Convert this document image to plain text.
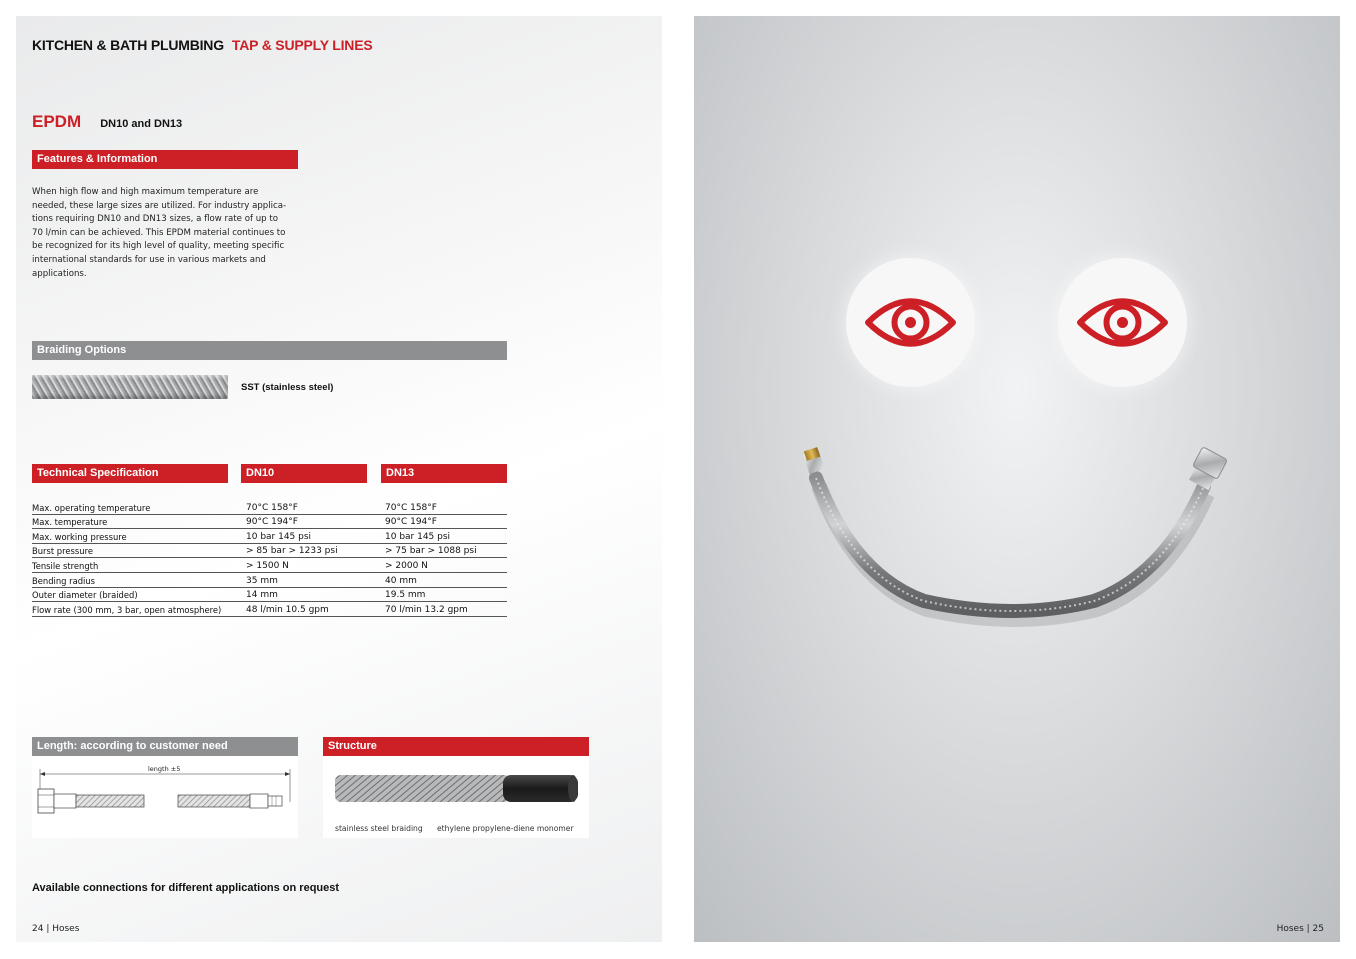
KITCHEN & BATH PLUMBING TAP & SUPPLY LINES
EPDM DN10 and DN13
Features & Information
When high flow and high maximum temperature are
needed, these large sizes are utilized. For industry applica-
tions requiring DN10 and DN13 sizes, a flow rate of up to
70 l/min can be achieved. This EPDM material continues to
be recognized for its high level of quality, meeting specific
international standards for use in various markets and
applications.
Braiding Options
SST (stainless steel)
Technical Specification	DN10	DN13
Max. operating temperature	70°C 158°F	70°C 158°F
Max. temperature	90°C 194°F	90°C 194°F
Max. working pressure	10 bar 145 psi	10 bar 145 psi
Burst pressure	> 85 bar > 1233 psi	> 75 bar > 1088 psi
Tensile strength	> 1500 N	> 2000 N
Bending radius	35 mm	40 mm
Outer diameter (braided)	14 mm	19.5 mm
Flow rate (300 mm, 3 bar, open atmosphere)	48 l/min 10.5 gpm	70 l/min 13.2 gpm
Length: according to customer need
length ±5
Structure
stainless steel braiding ethylene propylene-diene monomer
Available connections for different applications on request
24 | Hoses	Hoses | 25
